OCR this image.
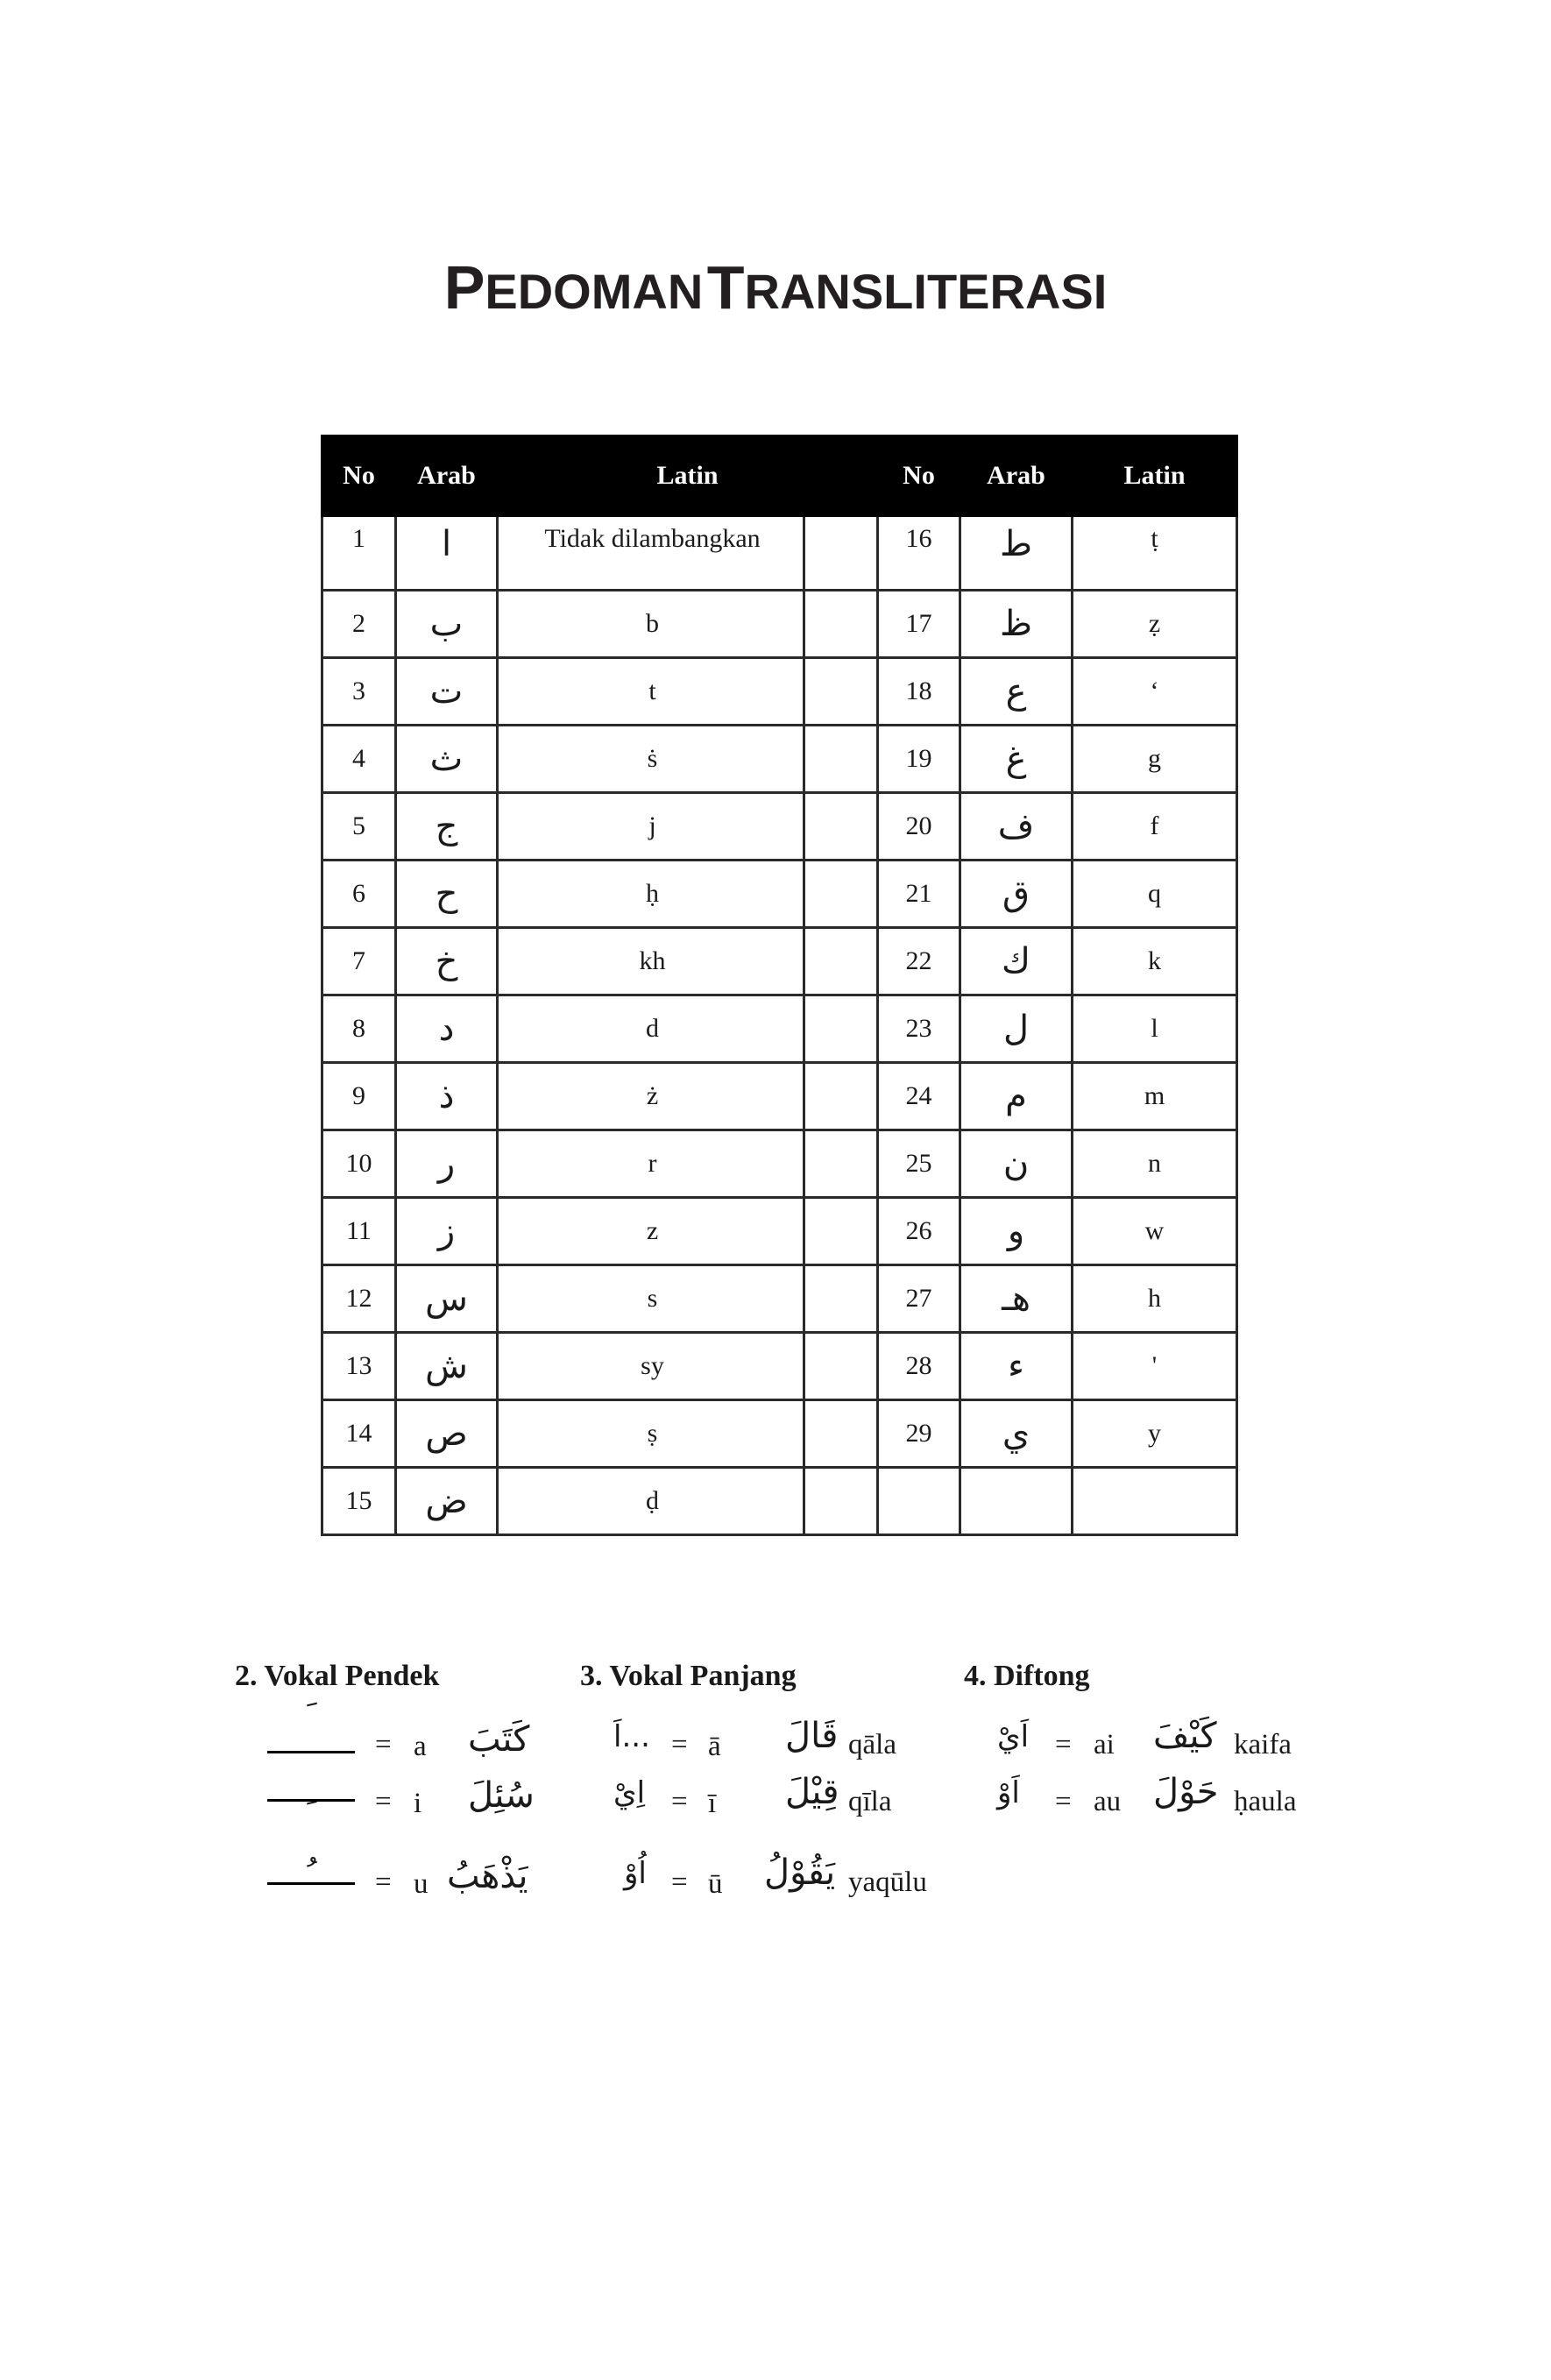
PEDOMAN TRANSLITERASI
No	Arab	Latin		No	Arab	Latin
1	ا	Tidak dilambangkan		16	ط	ṭ
2	ب	b		17	ظ	ẓ
3	ت	t		18	ع	‘
4	ث	ṡ		19	غ	g
5	ج	j		20	ف	f
6	ح	ḥ		21	ق	q
7	خ	kh		22	ك	k
8	د	d		23	ل	l
9	ذ	ż		24	م	m
10	ر	r		25	ن	n
11	ز	z		26	و	w
12	س	s		27	هـ	h
13	ش	sy		28	ء	'
14	ص	ṣ		29	ي	y
15	ض	ḍ				
2. Vokal Pendek
= a كَتَبَ
= i سُئِلَ
= u يَذْهَبُ
3. Vokal Panjang
اَ... = ā قَالَ qāla
اِيْ = ī قِيْلَ qīla
اُوْ = ū يَقُوْلُ yaqūlu
4. Diftong
اَيْ = ai كَيْفَ kaifa
اَوْ = au حَوْلَ ḥaula
